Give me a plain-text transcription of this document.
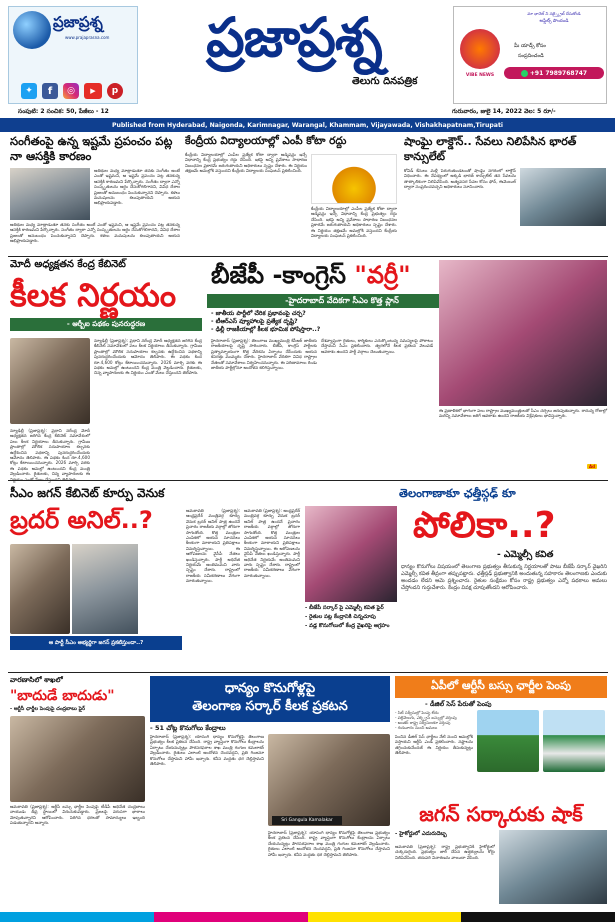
ప్రజాప్రశ్న
www.prajaprasna.com
✦	f	◎	▶	p
ప్రజాప్రశ్న
తెలుగు దినపత్రిక
మా ఛానెల్ ని సబ్స్క్రైబ్ చేసుకోండి
అప్డేట్స్ పొందండి
VIBE NEWS
మీ యాడ్స్ కోసం
సంప్రదించండి
+91 7989768747
సంపుటి: 2 సంచిక: 50, పేజీలు - 12	గురువారం, జులై 14, 2022 వెల: 5 రూ/-
Published from Hyderabad, Naigonda, Karimnagar, Warangal, Khammam, Vijayawada, Vishakhapatnam,Tirupati
సంగీతంపై ఉన్న ఇష్టమే ప్రపంచం పట్ల నా ఆసక్తికి కారణం
అతిథుల మధ్య మాట్లాడుతూ తనకు సంగీతం అంటే ఎంతో ఇష్టమని, ఆ ఇష్టమే ప్రపంచం పట్ల తనకున్న ఆసక్తికి కారణమని పేర్కొన్నారు. సంగీతం ద్వారా ఎన్నో సంస్కృతులను అర్థం చేసుకోగలిగానని, వివిధ దేశాల ప్రజలతో అనుబంధం పెంచుకున్నానని చెప్పారు. కళలు మనుషులను కలుపుతాయని ఆయన అభిప్రాయపడ్డారు.
అతిథుల మధ్య మాట్లాడుతూ తనకు సంగీతం అంటే ఎంతో ఇష్టమని, ఆ ఇష్టమే ప్రపంచం పట్ల తనకున్న ఆసక్తికి కారణమని పేర్కొన్నారు. సంగీతం ద్వారా ఎన్నో సంస్కృతులను అర్థం చేసుకోగలిగానని, వివిధ దేశాల ప్రజలతో అనుబంధం పెంచుకున్నానని చెప్పారు. కళలు మనుషులను కలుపుతాయని ఆయన అభిప్రాయపడ్డారు.
కేంద్రీయ విద్యాలయాల్లో ఎంపీ కోటా రద్దు
కేంద్రీయ విద్యాలయాల్లో ఎంపీల ప్రత్యేక కోటా ద్వారా అడ్మిషన్లు ఇచ్చే విధానాన్ని కేంద్ర ప్రభుత్వం రద్దు చేసింది. ఇకపై అన్ని ప్రవేశాలు సాధారణ నిబంధనల ప్రకారమే జరుగుతాయని అధికారులు స్పష్టం చేశారు. ఈ నిర్ణయం తక్షణమే అమల్లోకి వస్తుందని కేంద్రీయ విద్యాలయ సంఘటన్ ప్రకటించింది.
కేంద్రీయ విద్యాలయాల్లో ఎంపీల ప్రత్యేక కోటా ద్వారా అడ్మిషన్లు ఇచ్చే విధానాన్ని కేంద్ర ప్రభుత్వం రద్దు చేసింది. ఇకపై అన్ని ప్రవేశాలు సాధారణ నిబంధనల ప్రకారమే జరుగుతాయని అధికారులు స్పష్టం చేశారు. ఈ నిర్ణయం తక్షణమే అమల్లోకి వస్తుందని కేంద్రీయ విద్యాలయ సంఘటన్ ప్రకటించింది.
షాంఘై లాక్డౌన్.. సేవలు నిలిపేసిన భారత్ కాన్సులేట్
కోవిడ్ కేసులు మళ్లీ పెరుగుతుండటంతో షాంఘై నగరంలో లాక్డౌన్ విధించారు. ఈ నేపథ్యంలో అక్కడి భారత్ కాన్సులేట్ తన సేవలను తాత్కాలికంగా నిలిపివేసింది. అత్యవసర సేవల కోసం ఫోన్, ఈమెయిల్ ద్వారా సంప్రదించవచ్చని అధికారులు సూచించారు.
మోదీ అధ్యక్షతన కేంద్ర కేబినెట్
కీలక నిర్ణయం
- ఆర్బీఐ పథకం పునరుద్ధరణ
న్యూఢిల్లీ (ప్రజాప్రశ్న): ప్రధాని నరేంద్ర మోదీ అధ్యక్షతన జరిగిన కేంద్ర కేబినెట్ సమావేశంలో పలు కీలక నిర్ణయాలు తీసుకున్నారు. గ్రామీణ ప్రాంతాల్లో మౌలిక సదుపాయాల కల్పనకు ఉద్దేశించిన పథకాన్ని పునరుద్ధరించేందుకు ఆమోదం తెలిపారు. ఈ పథకం కింద రూ.4,600 కోట్లు కేటాయించనున్నారు. 2026 మార్చి వరకు ఈ పథకం అమల్లో ఉంటుందని కేంద్ర మంత్రి వెల్లడించారు. రైతులకు, చిన్న వ్యాపారులకు ఈ నిర్ణయం ఎంతో మేలు చేస్తుందని తెలిపారు.
న్యూఢిల్లీ (ప్రజాప్రశ్న): ప్రధాని నరేంద్ర మోదీ అధ్యక్షతన జరిగిన కేంద్ర కేబినెట్ సమావేశంలో పలు కీలక నిర్ణయాలు తీసుకున్నారు. గ్రామీణ ప్రాంతాల్లో మౌలిక సదుపాయాల కల్పనకు ఉద్దేశించిన పథకాన్ని పునరుద్ధరించేందుకు ఆమోదం తెలిపారు. ఈ పథకం కింద రూ.4,600 కోట్లు కేటాయించనున్నారు. 2026 మార్చి వరకు ఈ పథకం అమల్లో ఉంటుందని కేంద్ర మంత్రి వెల్లడించారు. రైతులకు, చిన్న వ్యాపారులకు ఈ
బీజేపీ -కాంగ్రెస్ "వర్రీ"
-హైదరాబాద్ వేదికగా సీఎం కొత్త ప్లాన్
- జాతీయ పార్టీలో చేరిక ప్రభావంపై చర్చ?
- టీఆర్ఎస్ వ్యూహాలపై ప్రత్యేక దృష్టి?
- ఢిల్లీ రాజకీయాల్లో కీలక భూమిక పోషిస్తారా..?
హైదరాబాద్ (ప్రజాప్రశ్న): తెలంగాణ ముఖ్యమంత్రి కేసీఆర్ జాతీయ రాజకీయాలపై దృష్టి సారించారు. బీజేపీ, కాంగ్రెస్ పార్టీలకు ప్రత్యామ్నాయంగా కొత్త వేదికను ఏర్పాటు చేసేందుకు ఆయన కసరత్తు ముమ్మరం చేశారు. హైదరాబాద్ వేదికగా వివిధ రాష్ట్రాల నేతలతో సమావేశాలు నిర్వహించనున్నారు. ఈ పరిణామాలు రెండు జాతీయ పార్టీల్లోనూ ఆందోళన కలిగిస్తున్నాయి.
దేశవ్యాప్తంగా రైతులు, కార్మికులు ఎదుర్కొంటున్న సమస్యలపై పోరాటం చేస్తామని సీఎం ప్రకటించారు. త్వరలోనే కీలక ప్రకటన వెలువడే అవకాశం ఉందని పార్టీ వర్గాలు చెబుతున్నాయి.
ఈ ప్రణాళికలో భాగంగా పలు రాష్ట్రాల ముఖ్యమంత్రులతో సీఎం చర్చలు జరుపుతున్నారు. రానున్న రోజుల్లో మరిన్ని సమావేశాలు జరిగే అవకాశం ఉందని రాజకీయ విశ్లేషకులు భావిస్తున్నారు.
Ad
సీఎం జగన్ కేబినెట్ కూర్పు వెనుక
బ్రదర్ అనిల్..?
ఆ పార్టీ సీఎం అభ్యర్థిగా జగన్ ప్రకటిస్తుందా..?
అమరావతి (ప్రజాప్రశ్న): ఆంధ్రప్రదేశ్ మంత్రివర్గ కూర్పు వెనుక బ్రదర్ అనిల్ పాత్ర ఉందనే ప్రచారం రాజకీయ వర్గాల్లో జోరుగా సాగుతోంది. కొత్త మంత్రుల ఎంపికలో ఆయన సూచనలు కీలకంగా మారాయని ప్రతిపక్షాలు విమర్శిస్తున్నాయి. ఈ ఆరోపణలను వైసీపీ నేతలు ఖండిస్తున్నారు. పార్టీ అధినేత నిర్ణయమే అంతిమమని వారు స్పష్టం చేశారు. రాష్ట్రంలో రాజకీయ సమీకరణాలు వేగంగా మారుతున్నాయి.
అమరావతి (ప్రజాప్రశ్న): ఆంధ్రప్రదేశ్ మంత్రివర్గ కూర్పు వెనుక బ్రదర్ అనిల్ పాత్ర ఉందనే ప్రచారం రాజకీయ వర్గాల్లో జోరుగా సాగుతోంది. కొత్త మంత్రుల ఎంపికలో ఆయన సూచనలు కీలకంగా మారాయని ప్రతిపక్షాలు విమర్శిస్తున్నాయి. ఈ ఆరోపణలను వైసీపీ నేతలు ఖండిస్తున్నారు. పార్టీ అధినేత నిర్ణయమే అంతిమమని వారు స్పష్టం చేశారు. రాష్ట్రంలో రాజకీయ సమీకరణాలు వేగంగా మారుతున్నాయి.
తెలంగాణాకూ ఛత్తీస్గఢ్ కూ
పోలికా..?
- ఎమ్మెల్సీ కవిత
- బీజేపీ సర్కార్ పై ఎమ్మెల్సీ కవిత ఫైర్
- రైతుల పట్ల కేంద్రానికి చిన్నచూపు
- వడ్ల కొనుగోలులో కేంద్ర వైఖరిపై ఆగ్రహం
ధాన్యం కొనుగోలు విషయంలో తెలంగాణ ప్రభుత్వం తీసుకున్న నిర్ణయాలతో పాటు బీజేపీ సర్కార్ వైఖరిని ఎమ్మెల్సీ కవిత తీవ్రంగా తప్పుపట్టారు. ఛత్తీస్గఢ్ ప్రభుత్వానికి అందుతున్న సహకారం తెలంగాణకు ఎందుకు అందడం లేదని ఆమె ప్రశ్నించారు. రైతుల సంక్షేమం కోసం రాష్ట్ర ప్రభుత్వం ఎన్నో పథకాలు అమలు చేస్తోందని గుర్తుచేశారు. కేంద్రం వివక్ష చూపుతోందని ఆరోపించారు.
వారణాసిలో శాఖలో
"బాదుడే బాదుడు"
- ఆర్టీసీ ఛార్జీల పెంపుపై చంద్రబాబు ఫైర్
అమరావతి (ప్రజాప్రశ్న): ఆర్టీసీ బస్సు ఛార్జీల పెంపుపై టీడీపీ అధినేత చంద్రబాబు నాయుడు తీవ్ర స్థాయిలో విరుచుకుపడ్డారు. ప్రజలపై వరుసగా భారాలు మోపుతున్నారని ఆరోపించారు. పెరిగిన ధరలతో సామాన్యులు ఇబ్బంది పడుతున్నారని అన్నారు.
ధాన్యం కొనుగోళ్లపై
తెలంగాణ సర్కార్ కీలక ప్రకటన
- 51 చోట్ల కొనుగోలు కేంద్రాలు
హైదరాబాద్ (ప్రజాప్రశ్న): యాసంగి ధాన్యం కొనుగోళ్లపై తెలంగాణ ప్రభుత్వం కీలక ప్రకటన చేసింది. రాష్ట్ర వ్యాప్తంగా కొనుగోలు కేంద్రాలను ఏర్పాటు చేయనున్నట్లు పౌరసరఫరాల శాఖ మంత్రి గంగుల కమలాకర్ వెల్లడించారు. రైతులు ఎలాంటి ఆందోళన చెందవద్దని, ప్రతి గింజనూ కొనుగోలు చేస్తామని హామీ ఇచ్చారు. కనీస మద్దతు ధర చెల్లిస్తామని తెలిపారు.
Sri Gangula Kamalakar
హైదరాబాద్ (ప్రజాప్రశ్న): యాసంగి ధాన్యం కొనుగోళ్లపై తెలంగాణ ప్రభుత్వం కీలక ప్రకటన చేసింది. రాష్ట్ర వ్యాప్తంగా కొనుగోలు కేంద్రాలను ఏర్పాటు చేయనున్నట్లు పౌరసరఫరాల శాఖ మంత్రి గంగుల కమలాకర్ వెల్లడించారు. రైతులు ఎలాంటి ఆందోళన చెందవద్దని, ప్రతి గింజనూ కొనుగోలు చేస్తామని హామీ ఇచ్చారు. కనీస మద్దతు ధర చెల్లిస్తామని తెలిపారు.
ఏపీలో ఆర్టీసీ బస్సు ఛార్జీల పెంపు
- డీజిల్ సెస్ పేరుతో పెంపు
- సిటీ సర్వీసుల్లో పెంపు లేదు
- పల్లెవెలుగు, ఎక్స్ప్రెస్ బస్సుల్లో వర్తింపు
- అంతర్ రాష్ట్ర సర్వీసులకూ వర్తింపు
- గురువారం నుంచి అమలు
పెంచిన డీజిల్ సెస్ ఛార్జీలు నేటి నుంచి అమల్లోకి వస్తాయని ఆర్టీసీ ఎండీ ప్రకటించారు. నష్టాలను తగ్గించుకునేందుకే ఈ నిర్ణయం తీసుకున్నట్లు తెలిపారు.
జగన్ సర్కారుకు షాక్
- హైకోర్టులో ఎదురుదెబ్బ
అమరావతి (ప్రజాప్రశ్న): రాష్ట్ర ప్రభుత్వానికి హైకోర్టులో చుక్కెదురైంది. ప్రభుత్వం జారీ చేసిన ఉత్తర్వులను కోర్టు నిలిపివేసింది. తదుపరి విచారణను వాయిదా వేసింది.
